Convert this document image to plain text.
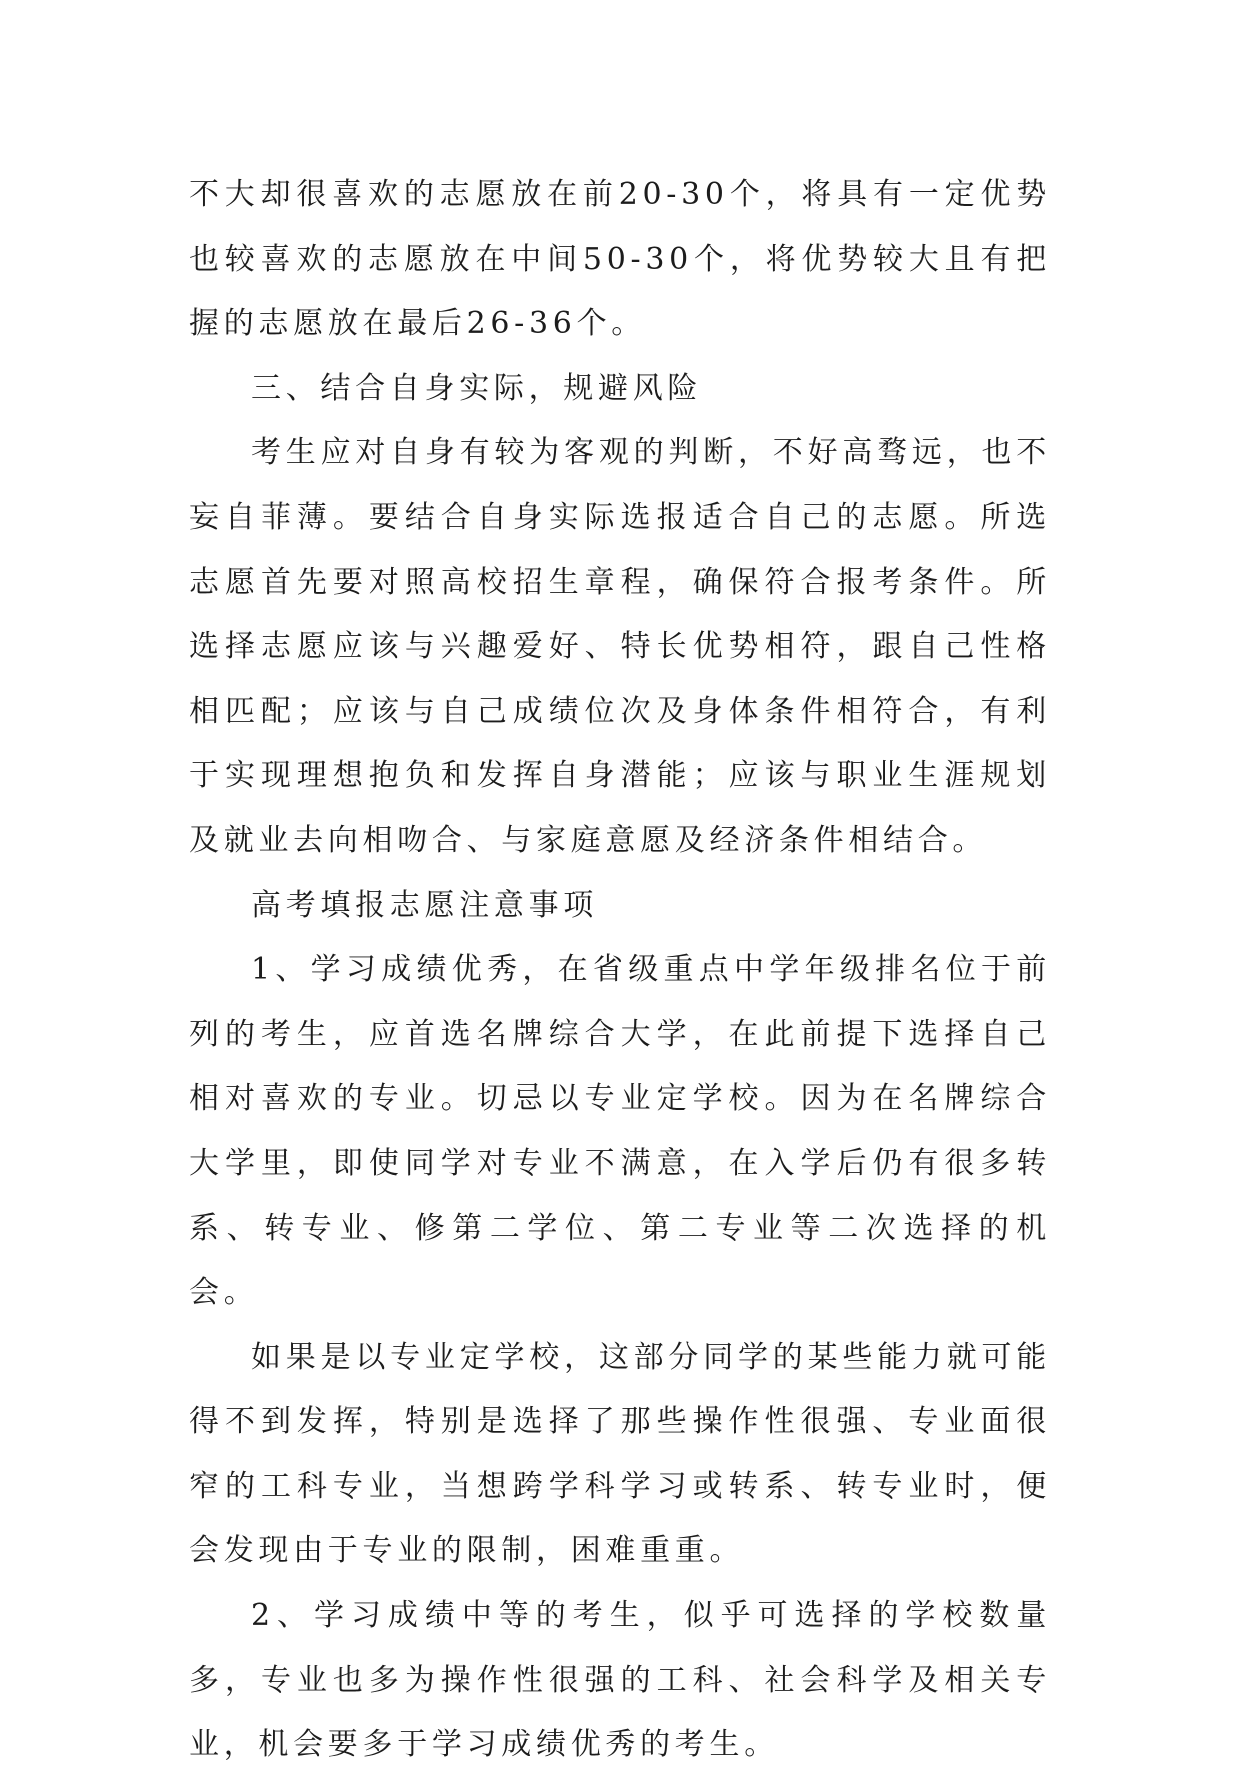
不大却很喜欢的志愿放在前20-30个，将具有一定优势也较喜欢的志愿放在中间50-30个，将优势较大且有把握的志愿放在最后26-36个。

三、结合自身实际，规避风险

考生应对自身有较为客观的判断，不好高骛远，也不妄自菲薄。要结合自身实际选报适合自己的志愿。所选志愿首先要对照高校招生章程，确保符合报考条件。所选择志愿应该与兴趣爱好、特长优势相符，跟自己性格相匹配；应该与自己成绩位次及身体条件相符合，有利于实现理想抱负和发挥自身潜能；应该与职业生涯规划及就业去向相吻合、与家庭意愿及经济条件相结合。

高考填报志愿注意事项

1、学习成绩优秀，在省级重点中学年级排名位于前列的考生，应首选名牌综合大学，在此前提下选择自己相对喜欢的专业。切忌以专业定学校。因为在名牌综合大学里，即使同学对专业不满意，在入学后仍有很多转系、转专业、修第二学位、第二专业等二次选择的机会。

如果是以专业定学校，这部分同学的某些能力就可能得不到发挥，特别是选择了那些操作性很强、专业面很窄的工科专业，当想跨学科学习或转系、转专业时，便会发现由于专业的限制，困难重重。

2、学习成绩中等的考生，似乎可选择的学校数量多，专业也多为操作性很强的工科、社会科学及相关专业，机会要多于学习成绩优秀的考生。
